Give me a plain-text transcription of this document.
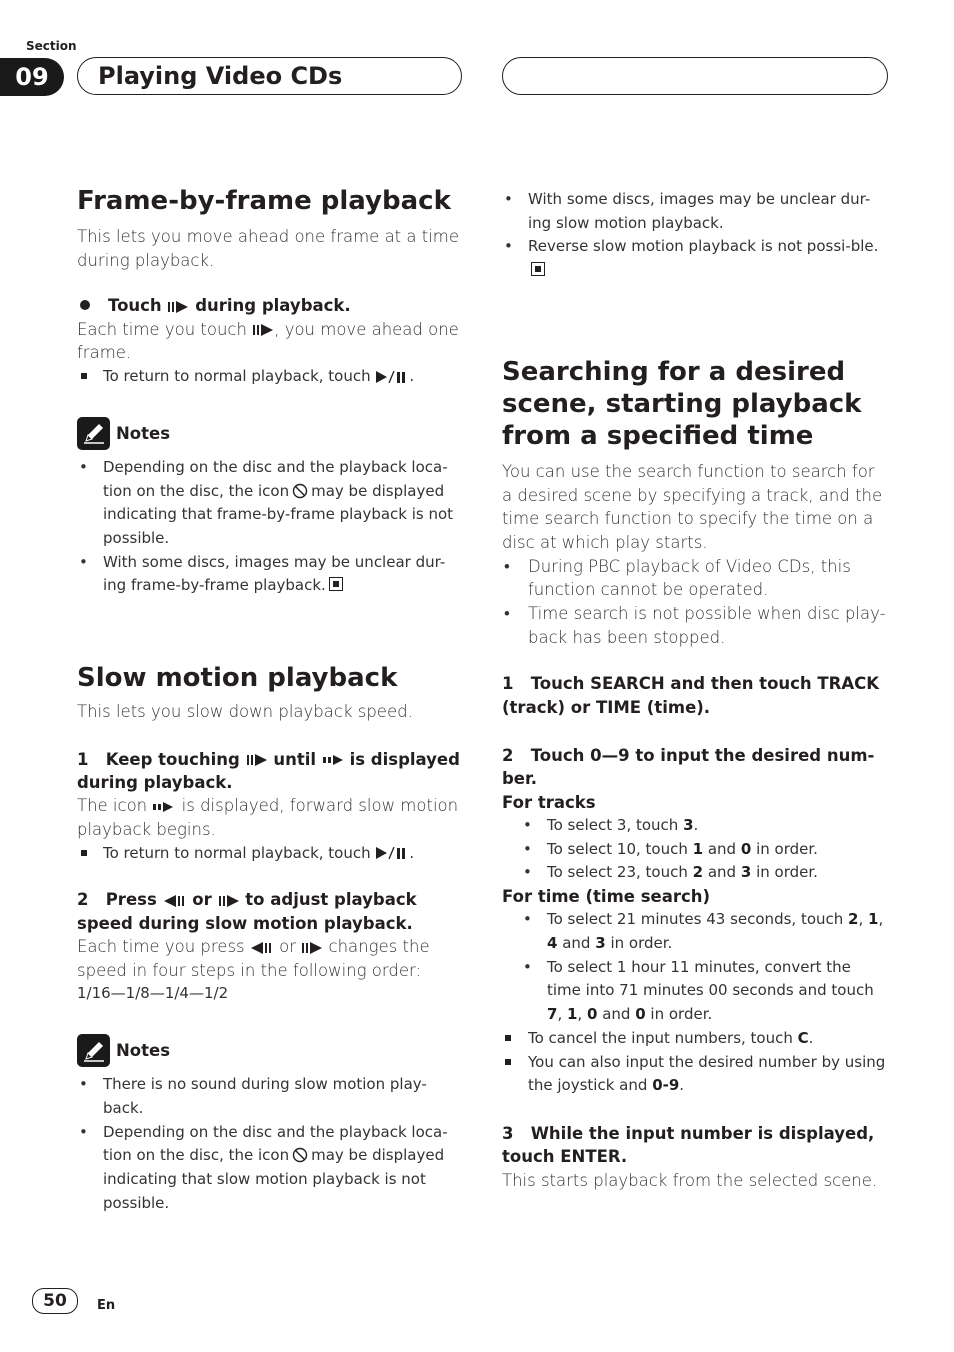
Section
09	Playing Video CDs
Frame-by-frame playback

This lets you move ahead one frame at a time during playback.

Touch during playback.

Each time you touch , you move ahead one frame.

To return to normal playback, touch	.

Notes

• Depending on the disc and the playback loca-tion on the disc, the icon may be displayed indicating that frame-by-frame playback is not possible.

• With some discs, images may be unclear dur-ing frame-by-frame playback.

Slow motion playback

This lets you slow down playback speed.

1 Keep touching until is displayed during playback.

The icon is displayed, forward slow motion playback begins.

To return to normal playback, touch	.

2 Press or to adjust playback speed during slow motion playback.

Each time you press or changes the speed in four steps in the following order:

1/16—1/8—1/4—1/2

Notes

• There is no sound during slow motion play-back.

• Depending on the disc and the playback loca-tion on the disc, the icon may be displayed indicating that slow motion playback is not possible.

• With some discs, images may be unclear dur-ing slow motion playback.

• Reverse slow motion playback is not possi-ble.

Searching for a desired scene, starting playback from a specified time

You can use the search function to search for a desired scene by specifying a track, and the time search function to specify the time on a disc at which play starts.

• During PBC playback of Video CDs, this function cannot be operated.

• Time search is not possible when disc play-back has been stopped.

1 Touch SEARCH and then touch TRACK (track) or TIME (time).

2 Touch 0—9 to input the desired num-ber.

For tracks

• To select 3, touch 3.

• To select 10, touch 1 and 0 in order.

• To select 23, touch 2 and 3 in order.

For time (time search)

• To select 21 minutes 43 seconds, touch 2, 1, 4 and 3 in order.

• To select 1 hour 11 minutes, convert the time into 71 minutes 00 seconds and touch 7, 1, 0 and 0 in order.

To cancel the input numbers, touch C.

You can also input the desired number by using the joystick and 0-9.

3 While the input number is displayed, touch ENTER.

This starts playback from the selected scene.

50	En
